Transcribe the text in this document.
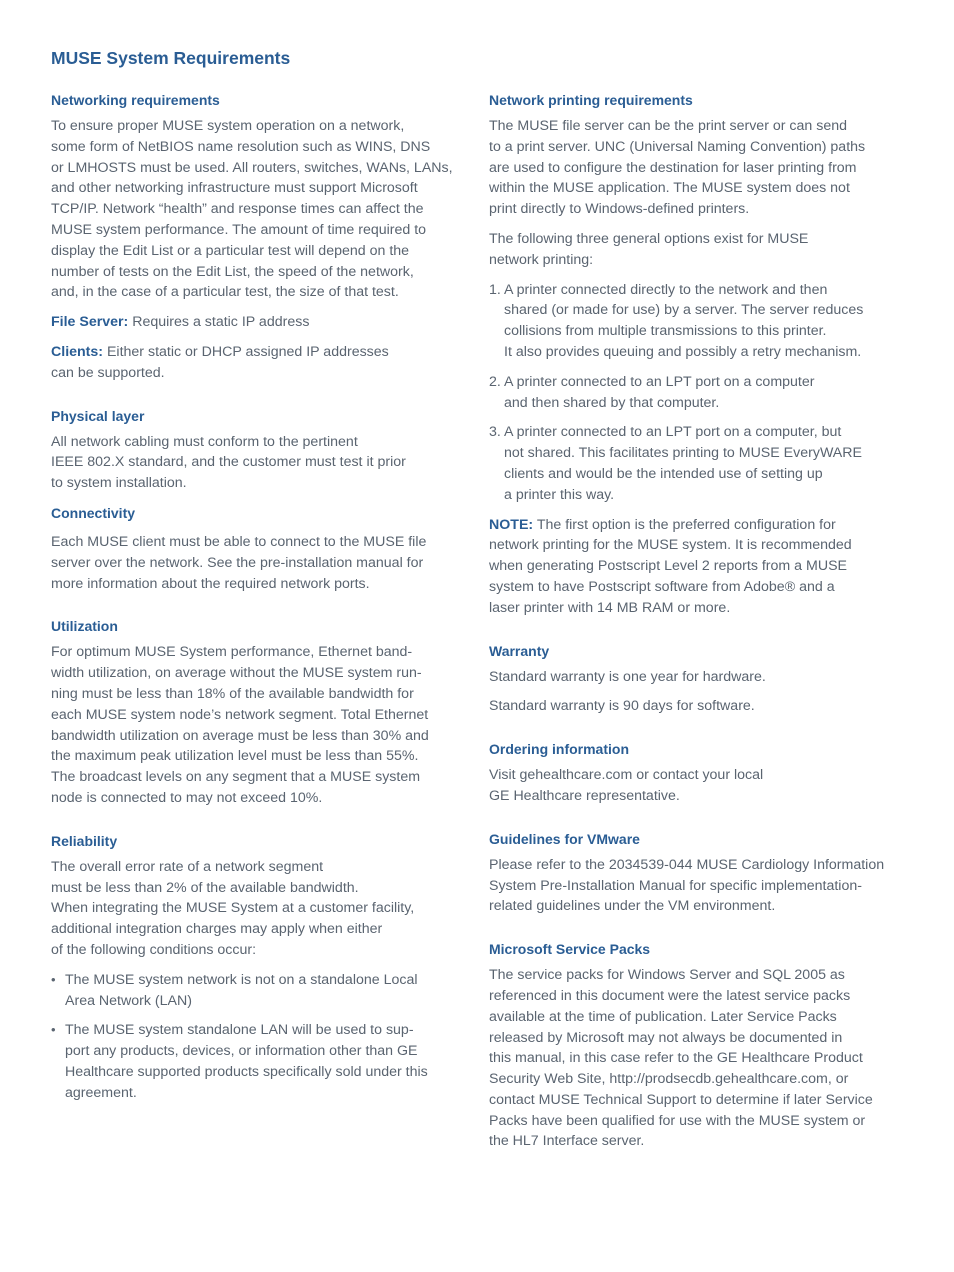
MUSE System Requirements
Networking requirements

To ensure proper MUSE system operation on a network,
some form of NetBIOS name resolution such as WINS, DNS
or LMHOSTS must be used. All routers, switches, WANs, LANs,
and other networking infrastructure must support Microsoft
TCP/IP. Network “health” and response times can affect the
MUSE system performance. The amount of time required to
display the Edit List or a particular test will depend on the
number of tests on the Edit List, the speed of the network,
and, in the case of a particular test, the size of that test.

File Server: Requires a static IP address

Clients: Either static or DHCP assigned IP addresses
can be supported.

Physical layer

All network cabling must conform to the pertinent
IEEE 802.X standard, and the customer must test it prior
to system installation.

Connectivity

Each MUSE client must be able to connect to the MUSE file
server over the network. See the pre-installation manual for
more information about the required network ports.

Utilization

For optimum MUSE System performance, Ethernet band-
width utilization, on average without the MUSE system run-
ning must be less than 18% of the available bandwidth for
each MUSE system node’s network segment. Total Ethernet
bandwidth utilization on average must be less than 30% and
the maximum peak utilization level must be less than 55%.
The broadcast levels on any segment that a MUSE system
node is connected to may not exceed 10%.

Reliability

The overall error rate of a network segment
must be less than 2% of the available bandwidth.
When integrating the MUSE System at a customer facility,
additional integration charges may apply when either
of the following conditions occur:

• The MUSE system network is not on a standalone Local
Area Network (LAN)
• The MUSE system standalone LAN will be used to sup-
port any products, devices, or information other than GE
Healthcare supported products specifically sold under this
agreement.
Network printing requirements

The MUSE file server can be the print server or can send
to a print server. UNC (Universal Naming Convention) paths
are used to configure the destination for laser printing from
within the MUSE application. The MUSE system does not
print directly to Windows-defined printers.

The following three general options exist for MUSE
network printing:

1. A printer connected directly to the network and then
shared (or made for use) by a server. The server reduces
collisions from multiple transmissions to this printer.
It also provides queuing and possibly a retry mechanism.
2. A printer connected to an LPT port on a computer
and then shared by that computer.
3. A printer connected to an LPT port on a computer, but
not shared. This facilitates printing to MUSE EveryWARE
clients and would be the intended use of setting up
a printer this way.

NOTE: The first option is the preferred configuration for
network printing for the MUSE system. It is recommended
when generating Postscript Level 2 reports from a MUSE
system to have Postscript software from Adobe® and a
laser printer with 14 MB RAM or more.

Warranty

Standard warranty is one year for hardware.

Standard warranty is 90 days for software.

Ordering information

Visit gehealthcare.com or contact your local
GE Healthcare representative.

Guidelines for VMware

Please refer to the 2034539-044 MUSE Cardiology Information
System Pre-Installation Manual for specific implementation-
related guidelines under the VM environment.

Microsoft Service Packs

The service packs for Windows Server and SQL 2005 as
referenced in this document were the latest service packs
available at the time of publication. Later Service Packs
released by Microsoft may not always be documented in
this manual, in this case refer to the GE Healthcare Product
Security Web Site, http://prodsecdb.gehealthcare.com, or
contact MUSE Technical Support to determine if later Service
Packs have been qualified for use with the MUSE system or
the HL7 Interface server.
